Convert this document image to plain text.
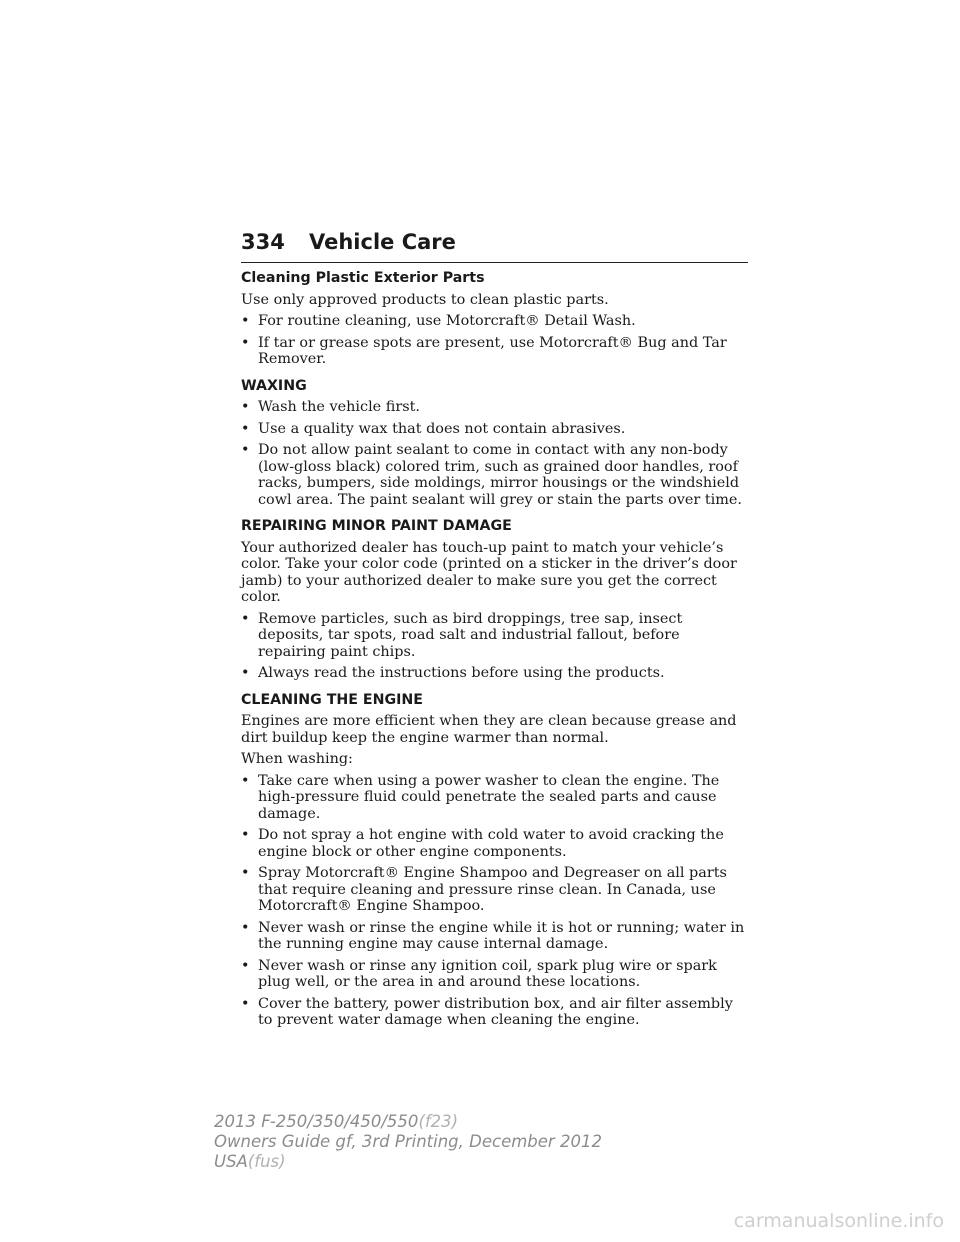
334 Vehicle Care
Cleaning Plastic Exterior Parts

Use only approved products to clean plastic parts.

• For routine cleaning, use Motorcraft® Detail Wash.
• If tar or grease spots are present, use Motorcraft® Bug and Tar Remover.
WAXING
• Wash the vehicle first.
• Use a quality wax that does not contain abrasives.
• Do not allow paint sealant to come in contact with any non-body (low-gloss black) colored trim, such as grained door handles, roof racks, bumpers, side moldings, mirror housings or the windshield cowl area. The paint sealant will grey or stain the parts over time.
REPAIRING MINOR PAINT DAMAGE

Your authorized dealer has touch-up paint to match your vehicle’s color. Take your color code (printed on a sticker in the driver’s door jamb) to your authorized dealer to make sure you get the correct color.

• Remove particles, such as bird droppings, tree sap, insect deposits, tar spots, road salt and industrial fallout, before repairing paint chips.
• Always read the instructions before using the products.
CLEANING THE ENGINE

Engines are more efficient when they are clean because grease and dirt buildup keep the engine warmer than normal.

When washing:

• Take care when using a power washer to clean the engine. The high-pressure fluid could penetrate the sealed parts and cause damage.
• Do not spray a hot engine with cold water to avoid cracking the engine block or other engine components.
• Spray Motorcraft® Engine Shampoo and Degreaser on all parts that require cleaning and pressure rinse clean. In Canada, use Motorcraft® Engine Shampoo.
• Never wash or rinse the engine while it is hot or running; water in the running engine may cause internal damage.
• Never wash or rinse any ignition coil, spark plug wire or spark plug well, or the area in and around these locations.
• Cover the battery, power distribution box, and air filter assembly to prevent water damage when cleaning the engine.
2013 F-250/350/450/550(f23)
Owners Guide gf, 3rd Printing, December 2012
USA(fus)
carmanualsonline.info
